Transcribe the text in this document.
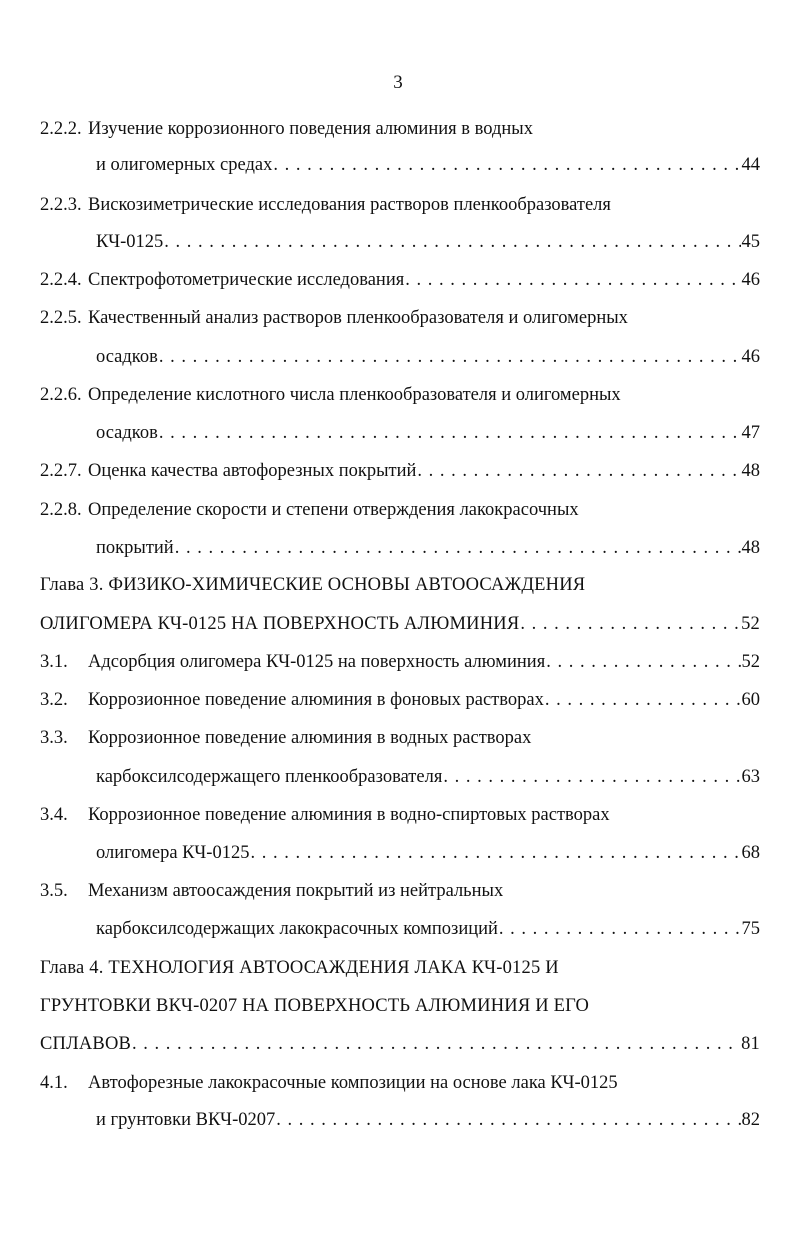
3
2.2.2. Изучение коррозионного поведения алюминия в водных
и олигомерных средах . . .	44
2.2.3. Вискозиметрические исследования растворов пленкообразователя
КЧ-0125 . . .	45
2.2.4. Спектрофотометрические исследования . . .	46
2.2.5. Качественный анализ растворов пленкообразователя и олигомерных
осадков . . .	46
2.2.6. Определение кислотного числа пленкообразователя и олигомерных
осадков . . .	47
2.2.7. Оценка качества автофорезных покрытий . . .	48
2.2.8. Определение скорости и степени отверждения лакокрасочных
покрытий . . .	48
Глава 3. ФИЗИКО-ХИМИЧЕСКИЕ ОСНОВЫ АВТООСАЖДЕНИЯ
ОЛИГОМЕРА КЧ-0125 НА ПОВЕРХНОСТЬ АЛЮМИНИЯ . . .	52
3.1. Адсорбция олигомера КЧ-0125 на поверхность алюминия . . .	52
3.2. Коррозионное поведение алюминия в фоновых растворах . . .	60
3.3. Коррозионное поведение алюминия в водных растворах
карбоксилсодержащего пленкообразователя . . .	63
3.4. Коррозионное поведение алюминия в водно-спиртовых растворах
олигомера КЧ-0125 . . .	68
3.5. Механизм автоосаждения покрытий из нейтральных
карбоксилсодержащих лакокрасочных композиций . . .	75
Глава 4. ТЕХНОЛОГИЯ АВТООСАЖДЕНИЯ ЛАКА КЧ-0125 И
ГРУНТОВКИ ВКЧ-0207 НА ПОВЕРХНОСТЬ АЛЮМИНИЯ И ЕГО
СПЛАВОВ . . .	81
4.1. Автофорезные лакокрасочные композиции на основе лака КЧ-0125
и грунтовки ВКЧ-0207 . . .	82
